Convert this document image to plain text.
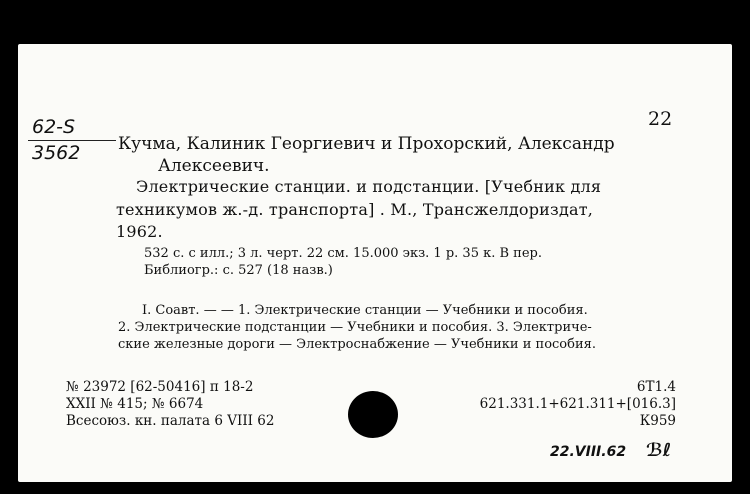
62-S
3562
22
Кучма, Калиник Георгиевич и Прохорский, Александр
Алексеевич.
Электрические станции. и подстанции. [Учебник для
техникумов ж.-д. транспорта] . М., Трансжелдориздат,
1962.
532 с. с илл.; 3 л. черт. 22 см. 15.000 экз. 1 р. 35 к. В пер.
Библиогр.: с. 527 (18 назв.)
I. Соавт. — — 1. Электрические станции — Учебники и пособия.
2. Электрические подстанции — Учебники и пособия. 3. Электриче-
ские железные дороги — Электроснабжение — Учебники и пособия.
№ 23972 [62-50416] п 18-2
XXII № 415; № 6674
Всесоюз. кн. палата 6 VIII 62
6Т1.4
621.331.1+621.311+[016.3]
К959
22.VIII.62 ℬℓ
